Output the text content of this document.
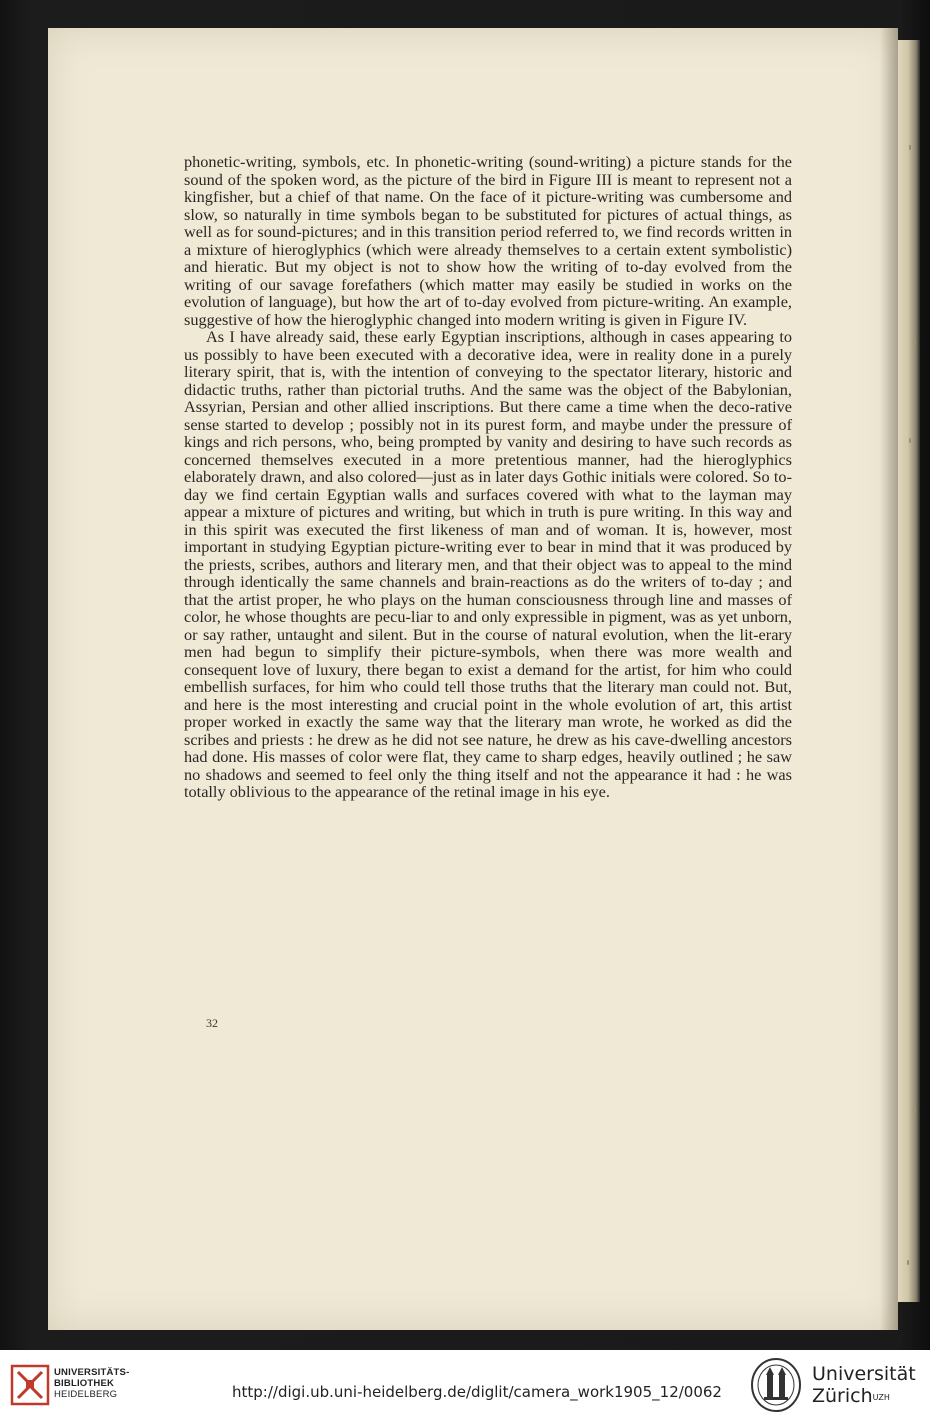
phonetic-writing, symbols, etc. In phonetic-writing (sound-writing) a picture stands for the sound of the spoken word, as the picture of the bird in Figure III is meant to represent not a kingfisher, but a chief of that name. On the face of it picture-writing was cumbersome and slow, so naturally in time symbols began to be substituted for pictures of actual things, as well as for sound-pictures; and in this transition period referred to, we find records written in a mixture of hieroglyphics (which were already themselves to a certain extent symbolistic) and hieratic. But my object is not to show how the writing of to-day evolved from the writing of our savage forefathers (which matter may easily be studied in works on the evolution of language), but how the art of to-day evolved from picture-writing. An example, suggestive of how the hieroglyphic changed into modern writing is given in Figure IV.

As I have already said, these early Egyptian inscriptions, although in cases appearing to us possibly to have been executed with a decorative idea, were in reality done in a purely literary spirit, that is, with the intention of conveying to the spectator literary, historic and didactic truths, rather than pictorial truths. And the same was the object of the Babylonian, Assyrian, Persian and other allied inscriptions. But there came a time when the deco-rative sense started to develop ; possibly not in its purest form, and maybe under the pressure of kings and rich persons, who, being prompted by vanity and desiring to have such records as concerned themselves executed in a more pretentious manner, had the hieroglyphics elaborately drawn, and also colored—just as in later days Gothic initials were colored. So to-day we find certain Egyptian walls and surfaces covered with what to the layman may appear a mixture of pictures and writing, but which in truth is pure writing. In this way and in this spirit was executed the first likeness of man and of woman. It is, however, most important in studying Egyptian picture-writing ever to bear in mind that it was produced by the priests, scribes, authors and literary men, and that their object was to appeal to the mind through identically the same channels and brain-reactions as do the writers of to-day ; and that the artist proper, he who plays on the human consciousness through line and masses of color, he whose thoughts are pecu-liar to and only expressible in pigment, was as yet unborn, or say rather, untaught and silent. But in the course of natural evolution, when the lit-erary men had begun to simplify their picture-symbols, when there was more wealth and consequent love of luxury, there began to exist a demand for the artist, for him who could embellish surfaces, for him who could tell those truths that the literary man could not. But, and here is the most interesting and crucial point in the whole evolution of art, this artist proper worked in exactly the same way that the literary man wrote, he worked as did the scribes and priests : he drew as he did not see nature, he drew as his cave-dwelling ancestors had done. His masses of color were flat, they came to sharp edges, heavily outlined ; he saw no shadows and seemed to feel only the thing itself and not the appearance it had : he was totally oblivious to the appearance of the retinal image in his eye.

32
UNIVERSITÄTS-
BIBLIOTHEK
HEIDELBERG	http://digi.ub.uni-heidelberg.de/diglit/camera_work1905_12/0062
Universität
Zürich$^{UZH}$
